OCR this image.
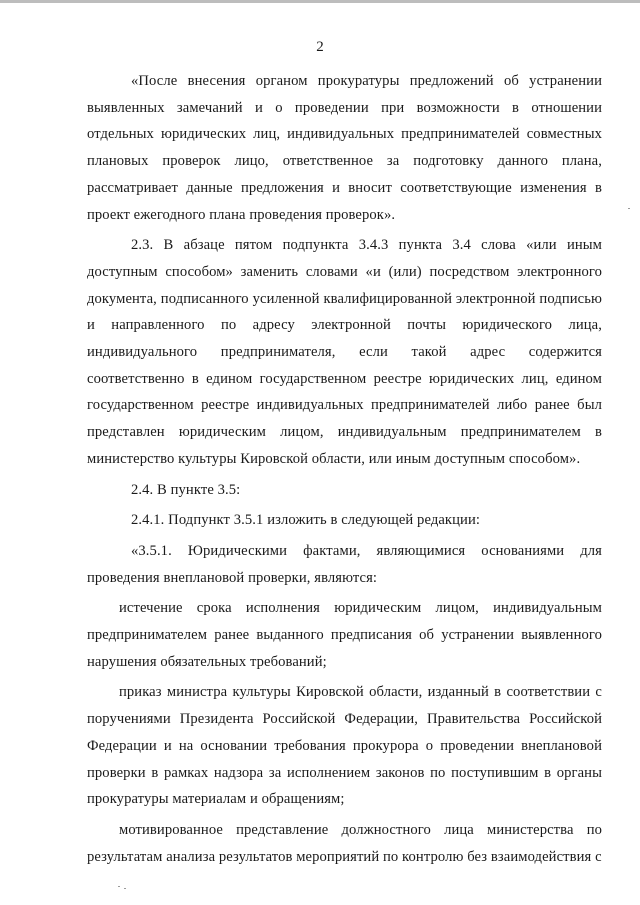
2

«После внесения органом прокуратуры предложений об устранении выявленных замечаний и о проведении при возможности в отношении отдельных юридических лиц, индивидуальных предпринимателей совместных плановых проверок лицо, ответственное за подготовку данного плана, рассматривает данные предложения и вносит соответствующие изменения в проект ежегодного плана проведения проверок».

2.3. В абзаце пятом подпункта 3.4.3 пункта 3.4 слова «или иным доступным способом» заменить словами «и (или) посредством электронного документа, подписанного усиленной квалифицированной электронной подписью и направленного по адресу электронной почты юридического лица, индивидуального предпринимателя, если такой адрес содержится соответственно в едином государственном реестре юридических лиц, едином государственном реестре индивидуальных предпринимателей либо ранее был представлен юридическим лицом, индивидуальным предпринимателем в министерство культуры Кировской области, или иным доступным способом».

2.4. В пункте 3.5:

2.4.1. Подпункт 3.5.1 изложить в следующей редакции:

«3.5.1. Юридическими фактами, являющимися основаниями для проведения внеплановой проверки, являются:

истечение срока исполнения юридическим лицом, индивидуальным предпринимателем ранее выданного предписания об устранении выявленного нарушения обязательных требований;

приказ министра культуры Кировской области, изданный в соответствии с поручениями Президента Российской Федерации, Правительства Российской Федерации и на основании требования прокурора о проведении внеплановой проверки в рамках надзора за исполнением законов по поступившим в органы прокуратуры материалам и обращениям;

мотивированное представление должностного лица министерства по результатам анализа результатов мероприятий по контролю без взаимодействия с
